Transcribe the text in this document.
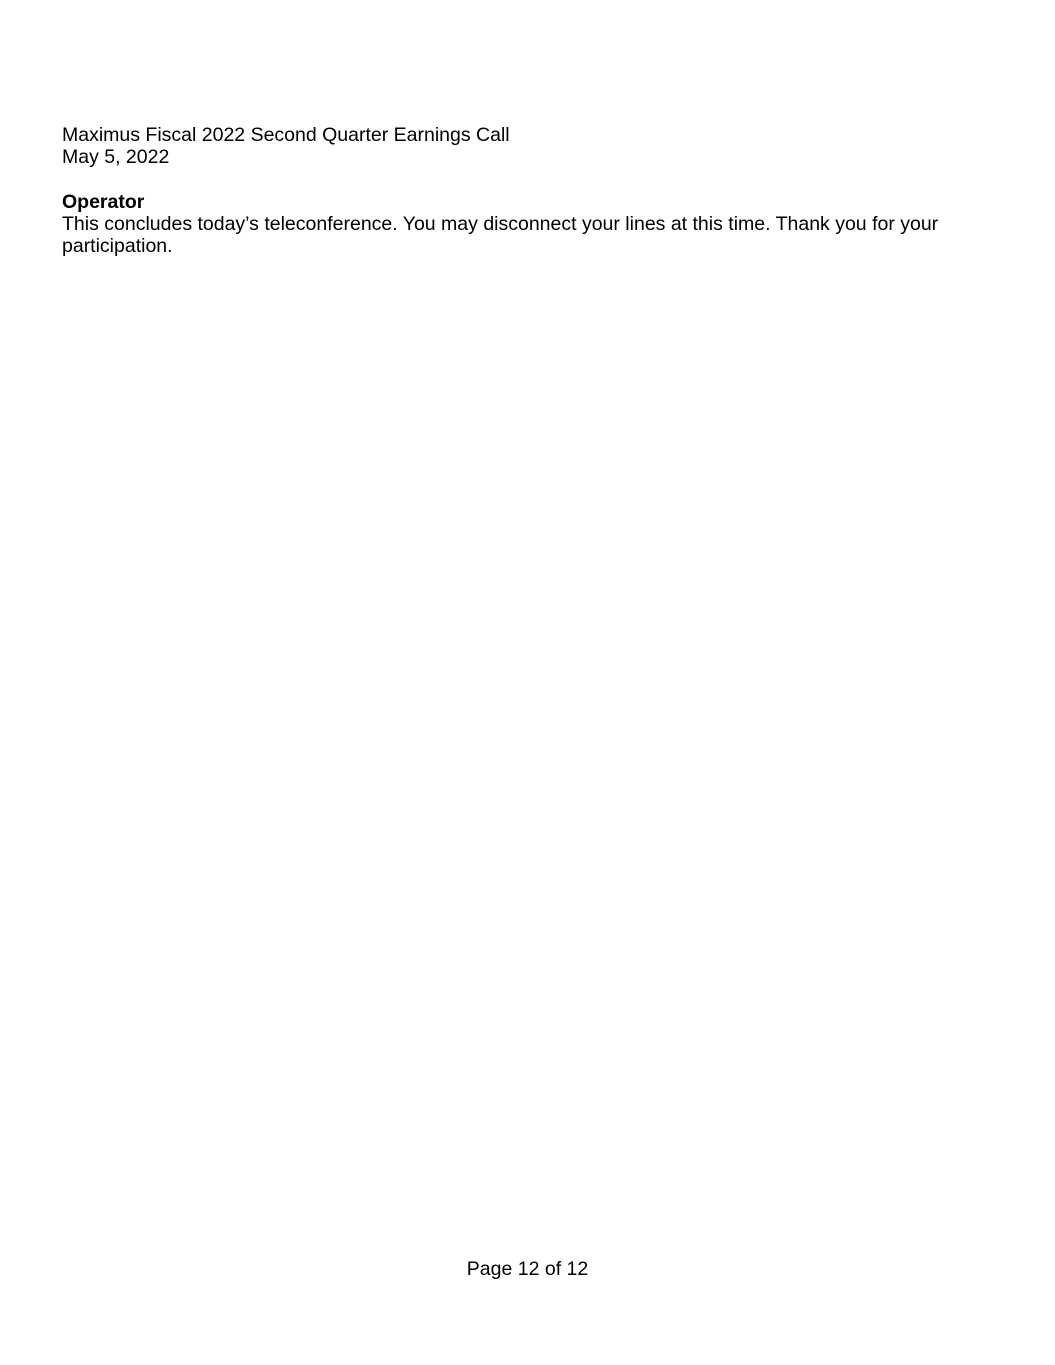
Maximus Fiscal 2022 Second Quarter Earnings Call
May 5, 2022
Operator

This concludes today’s teleconference. You may disconnect your lines at this time. Thank you for your participation.

Page 12 of 12
